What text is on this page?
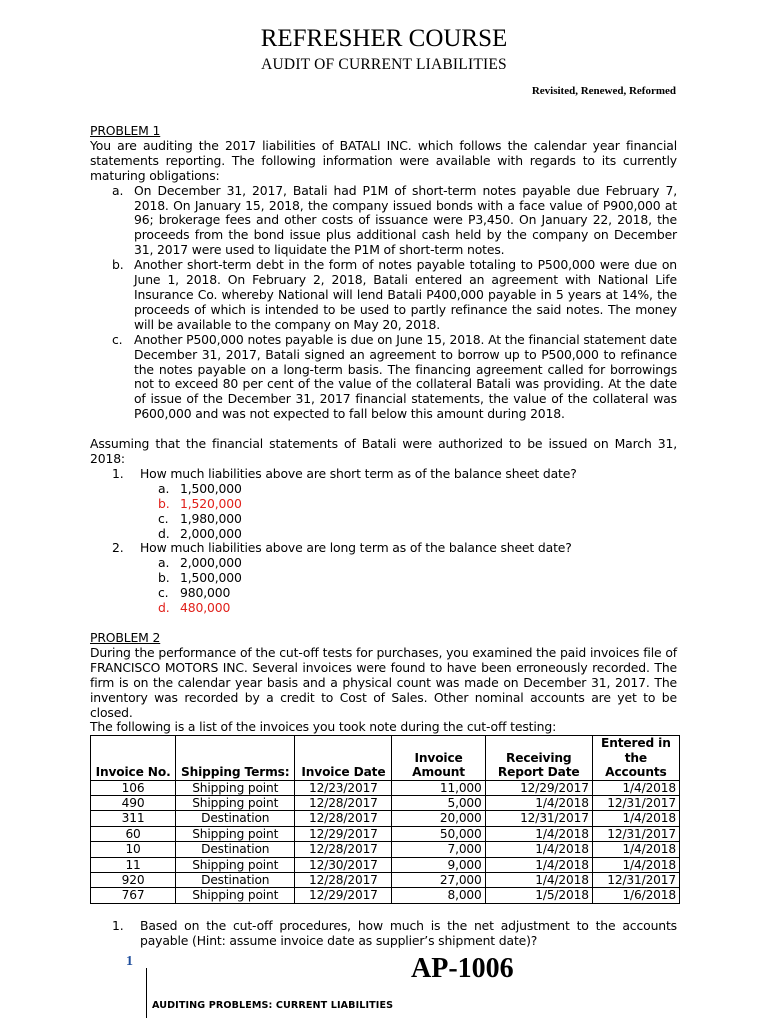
REFRESHER COURSE
AUDIT OF CURRENT LIABILITIES
Revisited, Renewed, Reformed

PROBLEM 1

You are auditing the 2017 liabilities of BATALI INC. which follows the calendar year financial statements reporting. The following information were available with regards to its currently maturing obligations:

a. On December 31, 2017, Batali had P1M of short-term notes payable due February 7, 2018. On January 15, 2018, the company issued bonds with a face value of P900,000 at 96; brokerage fees and other costs of issuance were P3,450. On January 22, 2018, the proceeds from the bond issue plus additional cash held by the company on December 31, 2017 were used to liquidate the P1M of short-term notes.
b. Another short-term debt in the form of notes payable totaling to P500,000 were due on June 1, 2018. On February 2, 2018, Batali entered an agreement with National Life Insurance Co. whereby National will lend Batali P400,000 payable in 5 years at 14%, the proceeds of which is intended to be used to partly refinance the said notes. The money will be available to the company on May 20, 2018.
c. Another P500,000 notes payable is due on June 15, 2018. At the financial statement date December 31, 2017, Batali signed an agreement to borrow up to P500,000 to refinance the notes payable on a long-term basis. The financing agreement called for borrowings not to exceed 80 per cent of the value of the collateral Batali was providing. At the date of issue of the December 31, 2017 financial statements, the value of the collateral was P600,000 and was not expected to fall below this amount during 2018.

Assuming that the financial statements of Batali were authorized to be issued on March 31, 2018:

1.	How much liabilities above are short term as of the balance sheet date?
a. 1,500,000
b. 1,520,000
c. 1,980,000
d. 2,000,000
2.	How much liabilities above are long term as of the balance sheet date?
a. 2,000,000
b. 1,500,000
c. 980,000
d. 480,000

PROBLEM 2

During the performance of the cut-off tests for purchases, you examined the paid invoices file of FRANCISCO MOTORS INC. Several invoices were found to have been erroneously recorded. The firm is on the calendar year basis and a physical count was made on December 31, 2017. The inventory was recorded by a credit to Cost of Sales. Other nominal accounts are yet to be closed.

The following is a list of the invoices you took note during the cut-off testing:

Invoice No.	Shipping Terms:	Invoice Date	Invoice Amount	Receiving Report Date	Entered in the Accounts
106	Shipping point	12/23/2017	11,000	12/29/2017	1/4/2018
490	Shipping point	12/28/2017	5,000	1/4/2018	12/31/2017
311	Destination	12/28/2017	20,000	12/31/2017	1/4/2018
60	Shipping point	12/29/2017	50,000	1/4/2018	12/31/2017
10	Destination	12/28/2017	7,000	1/4/2018	1/4/2018
11	Shipping point	12/30/2017	9,000	1/4/2018	1/4/2018
920	Destination	12/28/2017	27,000	1/4/2018	12/31/2017
767	Shipping point	12/29/2017	8,000	1/5/2018	1/6/2018
1.	Based on the cut-off procedures, how much is the net adjustment to the accounts payable (Hint: assume invoice date as supplier’s shipment date)?
1
AUDITING PROBLEMS: CURRENT LIABILITIES
AP-1006
